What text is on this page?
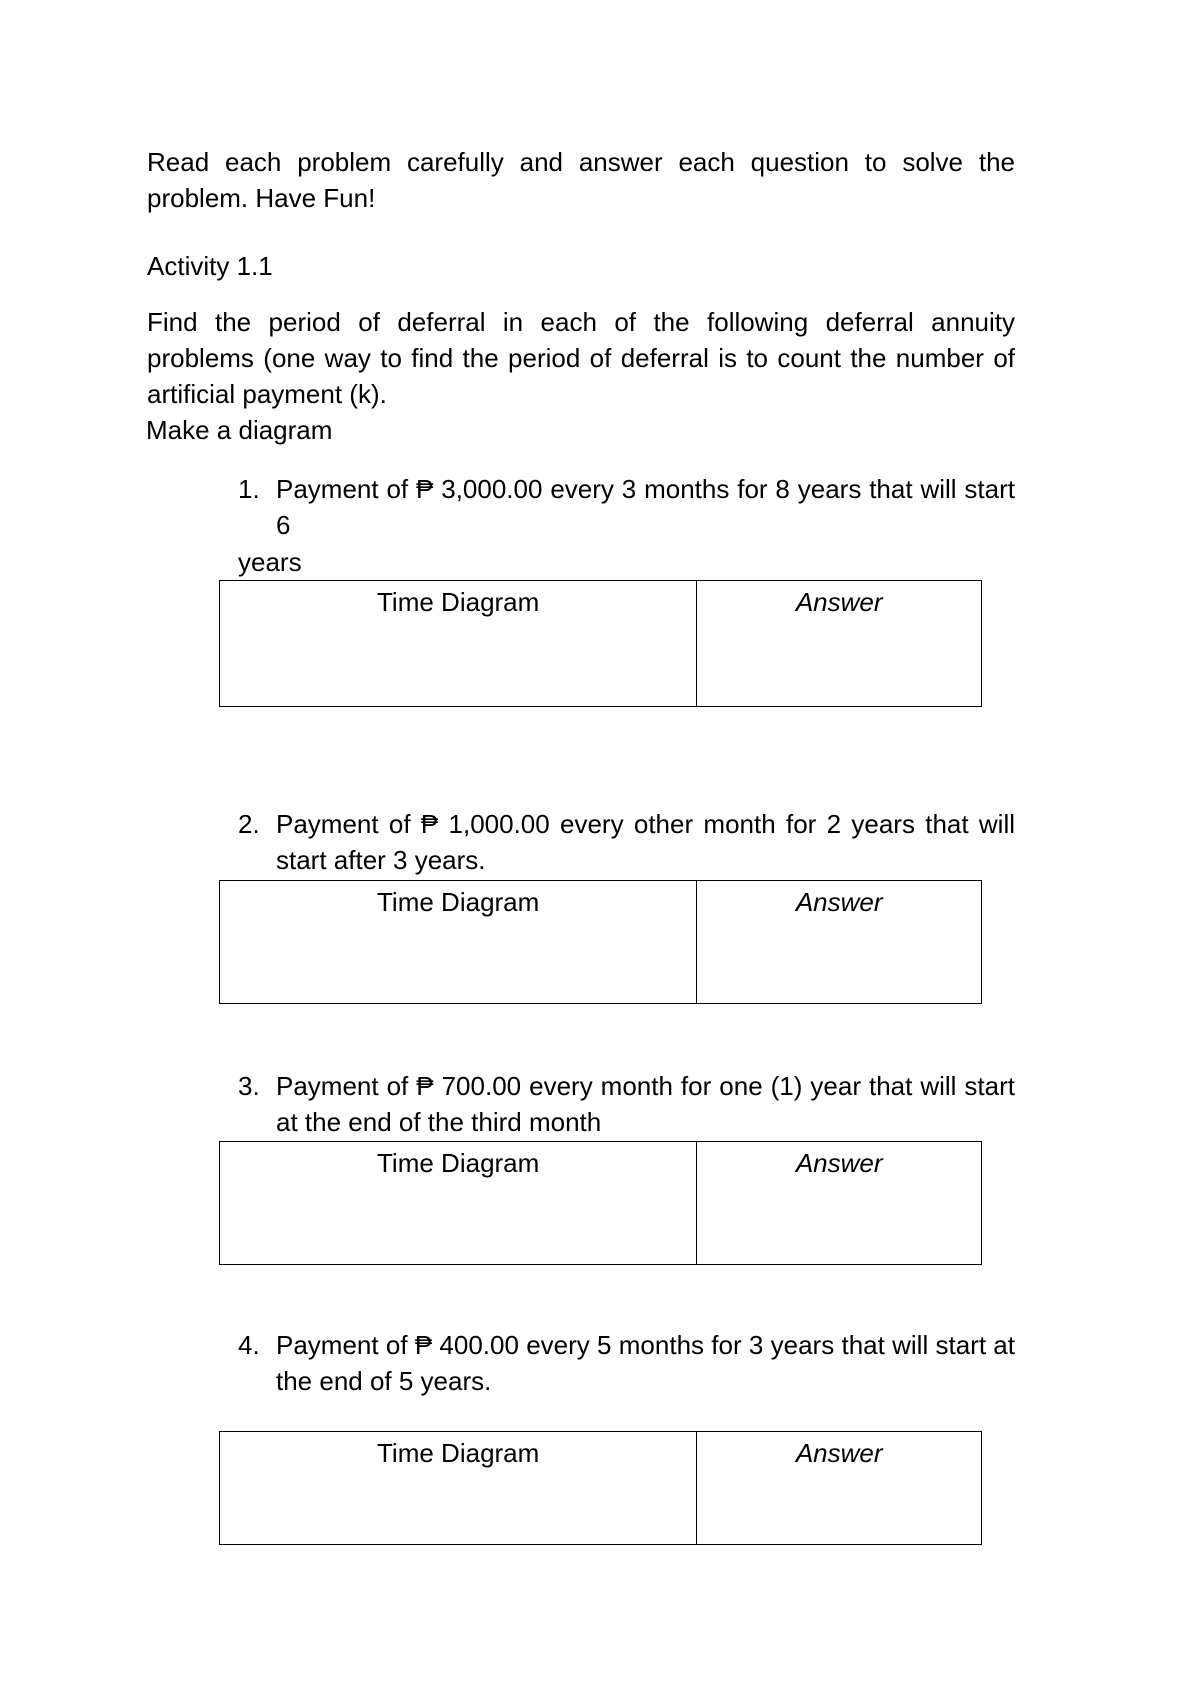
Read each problem carefully and answer each question to solve the problem. Have Fun!

Activity 1.1

Find the period of deferral in each of the following deferral annuity problems (one way to find the period of deferral is to count the number of artificial payment (k).

Make a diagram

1. Payment of ₱ 3,000.00 every 3 months for 8 years that will start 6

years

Time Diagram	Answer
2. Payment of ₱ 1,000.00 every other month for 2 years that will start after 3 years.
Time Diagram	Answer
3. Payment of ₱ 700.00 every month for one (1) year that will start at the end of the third month
Time Diagram	Answer
4. Payment of ₱ 400.00 every 5 months for 3 years that will start at the end of 5 years.
Time Diagram	Answer
